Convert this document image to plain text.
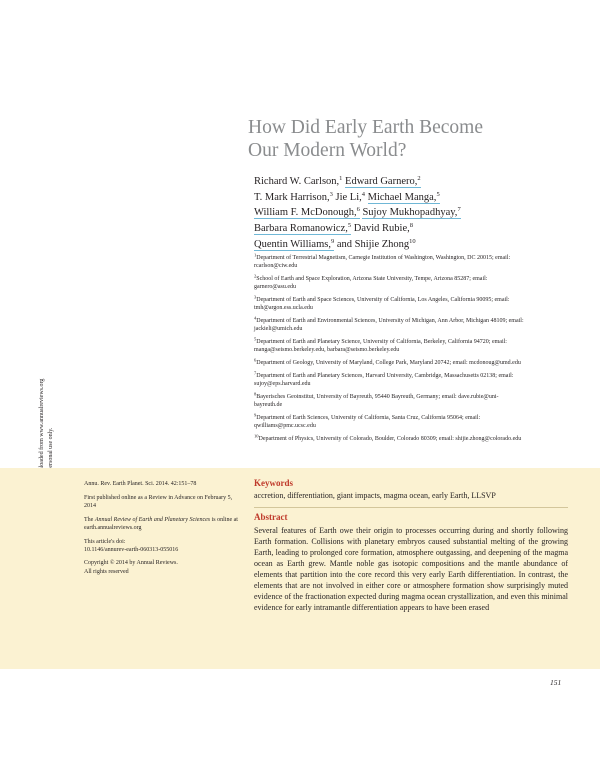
How Did Early Earth Become
Our Modern World?
Richard W. Carlson,$^1$ Edward Garnero,$^2$
T. Mark Harrison,$^3$ Jie Li,$^4$ Michael Manga,$^5$
William F. McDonough,$^6$ Sujoy Mukhopadhyay,$^7$
Barbara Romanowicz,$^5$ David Rubie,$^8$
Quentin Williams,$^9$ and Shijie Zhong$^{10}$
$^1$Department of Terrestrial Magnetism, Carnegie Institution of Washington, Washington, DC 20015; email: rcarlson@ciw.edu
$^2$School of Earth and Space Exploration, Arizona State University, Tempe, Arizona 85287; email: garnero@asu.edu
$^3$Department of Earth and Space Sciences, University of California, Los Angeles, California 90095; email: tmh@argon.ess.ucla.edu
$^4$Department of Earth and Environmental Sciences, University of Michigan, Ann Arbor, Michigan 48109; email: jackieli@umich.edu
$^5$Department of Earth and Planetary Science, University of California, Berkeley, California 94720; email: manga@seismo.berkeley.edu, barbara@seismo.berkeley.edu
$^6$Department of Geology, University of Maryland, College Park, Maryland 20742; email: mcdonoug@umd.edu
$^7$Department of Earth and Planetary Sciences, Harvard University, Cambridge, Massachusetts 02138; email: sujoy@eps.harvard.edu
$^8$Bayerisches Geoinstitut, University of Bayreuth, 95440 Bayreuth, Germany; email: dave.rubie@uni-bayreuth.de
$^9$Department of Earth Sciences, University of California, Santa Cruz, California 95064; email: qwilliams@pmc.ucsc.edu
$^{10}$Department of Physics, University of Colorado, Boulder, Colorado 80309; email: shijie.zhong@colorado.edu

Annu. Rev. Earth Planet. Sci. 2014. 42:151–78

First published online as a Review in Advance on February 5, 2014

The Annual Review of Earth and Planetary Sciences is online at earth.annualreviews.org

This article's doi:
10.1146/annurev-earth-060313-055016

Copyright © 2014 by Annual Reviews.
All rights reserved

Keywords
accretion, differentiation, giant impacts, magma ocean, early Earth, LLSVP
Abstract
Several features of Earth owe their origin to processes occurring during and shortly following Earth formation. Collisions with planetary embryos caused substantial melting of the growing Earth, leading to prolonged core formation, atmosphere outgassing, and deepening of the magma ocean as Earth grew. Mantle noble gas isotopic compositions and the mantle abundance of elements that partition into the core record this very early Earth differentiation. In contrast, the elements that are not involved in either core or atmosphere formation show surprisingly muted evidence of the fractionation expected during magma ocean crystallization, and even this minimal evidence for early intramantle differentiation appears to have been erased
151
